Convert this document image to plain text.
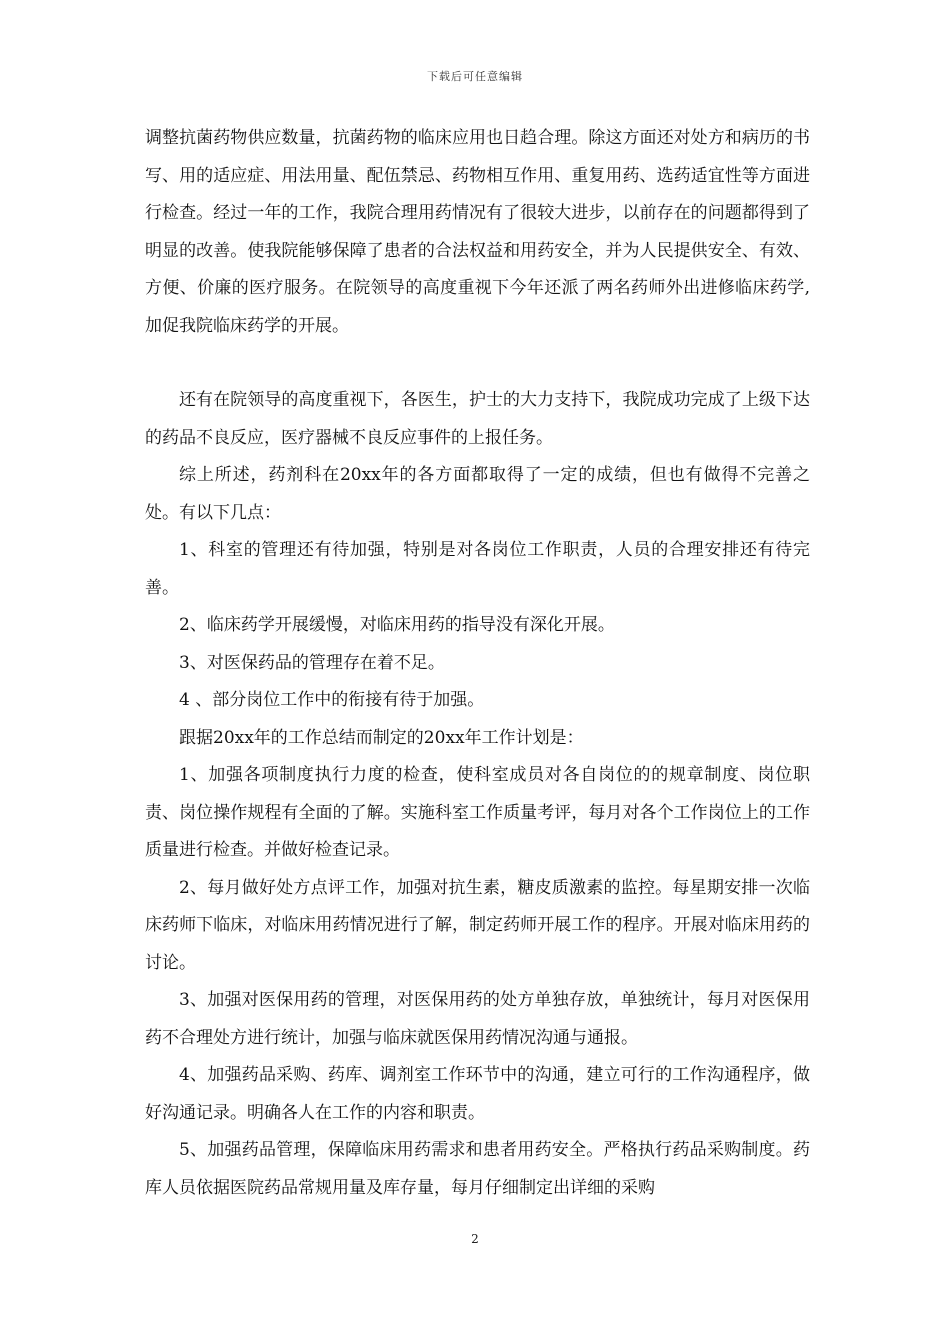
下载后可任意编辑

调整抗菌药物供应数量，抗菌药物的临床应用也日趋合理。除这方面还对处方和病历的书写、用的适应症、用法用量、配伍禁忌、药物相互作用、重复用药、选药适宜性等方面进行检查。经过一年的工作，我院合理用药情况有了很较大进步，以前存在的问题都得到了明显的改善。使我院能够保障了患者的合法权益和用药安全，并为人民提供安全、有效、方便、价廉的医疗服务。在院领导的高度重视下今年还派了两名药师外出进修临床药学,加促我院临床药学的开展。

还有在院领导的高度重视下，各医生，护士的大力支持下，我院成功完成了上级下达的药品不良反应，医疗器械不良反应事件的上报任务。

综上所述，药剂科在20xx年的各方面都取得了一定的成绩，但也有做得不完善之处。有以下几点：

1、科室的管理还有待加强，特别是对各岗位工作职责，人员的合理安排还有待完善。

2、临床药学开展缓慢，对临床用药的指导没有深化开展。

3、对医保药品的管理存在着不足。

4 、部分岗位工作中的衔接有待于加强。

跟据20xx年的工作总结而制定的20xx年工作计划是：

1、加强各项制度执行力度的检查，使科室成员对各自岗位的的规章制度、岗位职责、岗位操作规程有全面的了解。实施科室工作质量考评，每月对各个工作岗位上的工作质量进行检查。并做好检查记录。

2、每月做好处方点评工作，加强对抗生素，糖皮质激素的监控。每星期安排一次临床药师下临床，对临床用药情况进行了解，制定药师开展工作的程序。开展对临床用药的讨论。

3、加强对医保用药的管理，对医保用药的处方单独存放，单独统计，每月对医保用药不合理处方进行统计，加强与临床就医保用药情况沟通与通报。

4、加强药品采购、药库、调剂室工作环节中的沟通，建立可行的工作沟通程序，做好沟通记录。明确各人在工作的内容和职责。

5、加强药品管理，保障临床用药需求和患者用药安全。严格执行药品采购制度。药库人员依据医院药品常规用量及库存量，每月仔细制定出详细的采购

2
